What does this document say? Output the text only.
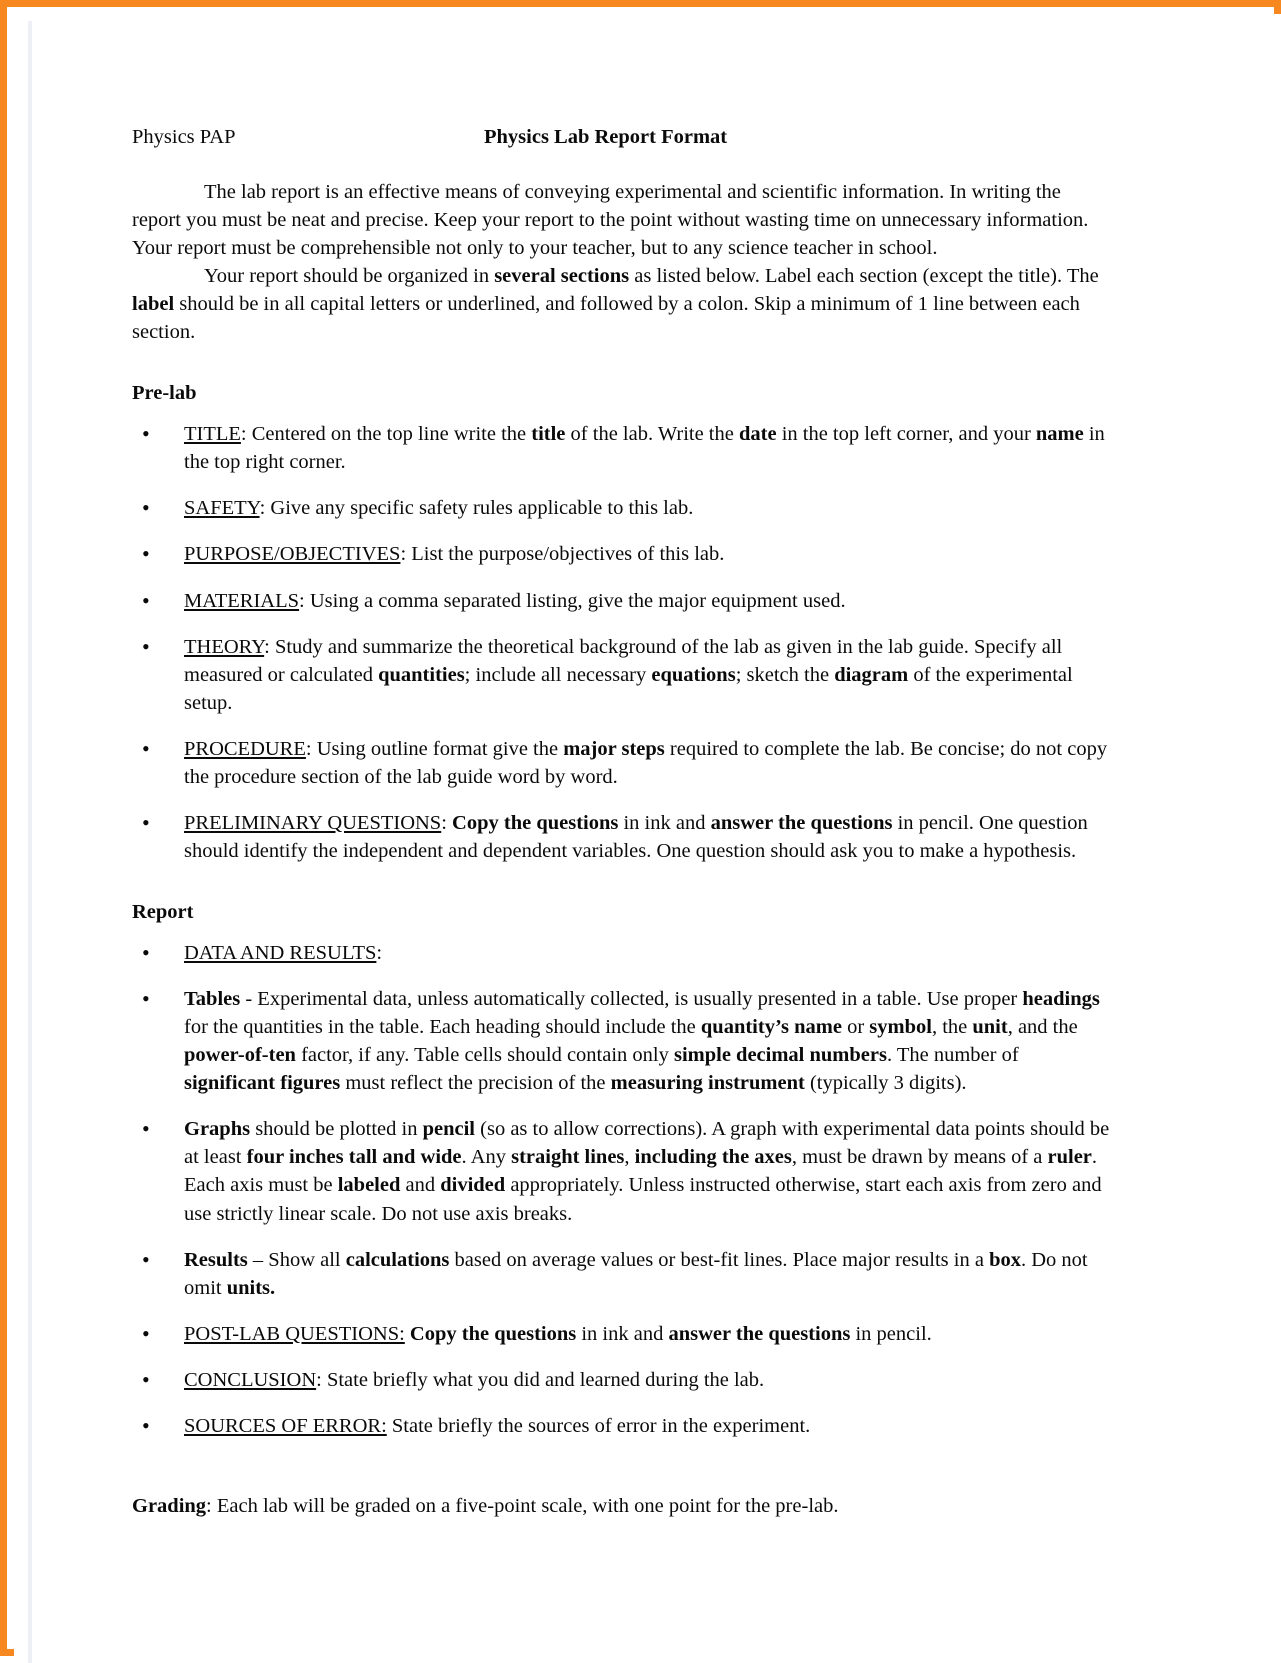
Physics PAP	Physics Lab Report Format

The lab report is an effective means of conveying experimental and scientific information. In writing the report you must be neat and precise. Keep your report to the point without wasting time on unnecessary information. Your report must be comprehensible not only to your teacher, but to any science teacher in school.

Your report should be organized in several sections as listed below. Label each section (except the title). The label should be in all capital letters or underlined, and followed by a colon. Skip a minimum of 1 line between each section.

Pre-lab
• TITLE: Centered on the top line write the title of the lab. Write the date in the top left corner, and your name in the top right corner.
• SAFETY: Give any specific safety rules applicable to this lab.
• PURPOSE/OBJECTIVES: List the purpose/objectives of this lab.
• MATERIALS: Using a comma separated listing, give the major equipment used.
• THEORY: Study and summarize the theoretical background of the lab as given in the lab guide. Specify all measured or calculated quantities; include all necessary equations; sketch the diagram of the experimental setup.
• PROCEDURE: Using outline format give the major steps required to complete the lab. Be concise; do not copy the procedure section of the lab guide word by word.
• PRELIMINARY QUESTIONS: Copy the questions in ink and answer the questions in pencil. One question should identify the independent and dependent variables. One question should ask you to make a hypothesis.
Report
• DATA AND RESULTS:
• Tables - Experimental data, unless automatically collected, is usually presented in a table. Use proper headings for the quantities in the table. Each heading should include the quantity’s name or symbol, the unit, and the power-of-ten factor, if any. Table cells should contain only simple decimal numbers. The number of significant figures must reflect the precision of the measuring instrument (typically 3 digits).
• Graphs should be plotted in pencil (so as to allow corrections). A graph with experimental data points should be at least four inches tall and wide. Any straight lines, including the axes, must be drawn by means of a ruler. Each axis must be labeled and divided appropriately. Unless instructed otherwise, start each axis from zero and use strictly linear scale. Do not use axis breaks.
• Results – Show all calculations based on average values or best-fit lines. Place major results in a box. Do not omit units.
• POST-LAB QUESTIONS: Copy the questions in ink and answer the questions in pencil.
• CONCLUSION: State briefly what you did and learned during the lab.
• SOURCES OF ERROR: State briefly the sources of error in the experiment.
Grading: Each lab will be graded on a five-point scale, with one point for the pre-lab.
